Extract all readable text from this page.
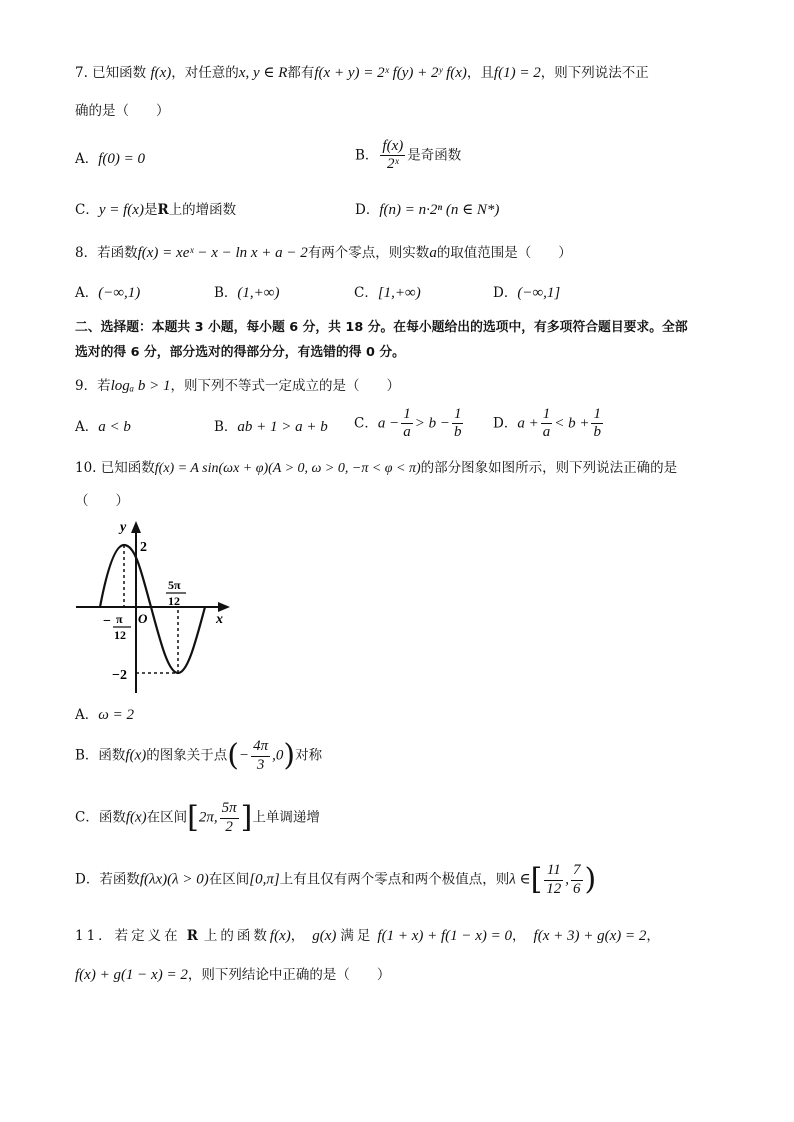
7. 已知函数 f(x)，对任意的x, y ∈ R都有f(x + y) = 2ˣ f(y) + 2ʸ f(x)，且f(1) = 2，则下列说法不正
确的是（　　）
A．f(0) = 0	B． $\frac{f(x)}{\text{2ˣ}}$ 是奇函数
C．y = f(x)是R上的增函数	D．f(n) = n·2ⁿ (n ∈ N*)
8．若函数f(x) = xeˣ − x − ln x + a − 2有两个零点，则实数a的取值范围是（　　）
A．(−∞,1)	B．(1,+∞)	C．[1,+∞)	D．(−∞,1]
二、选择题：本题共 3 小题，每小题 6 分，共 18 分。在每小题给出的选项中，有多项符合题目要求。全部
选对的得 6 分，部分选对的得部分分，有选错的得 0 分。
9．若logₐ b > 1，则下列不等式一定成立的是（　　）
A．a < b	B．ab + 1 > a + b C．$a - \frac{1}{a} > b - \frac{1}{b}$ D．$a + \frac{1}{a} < b + \frac{1}{b}$
10. 已知函数f(x) = A sin(ωx + φ)(A > 0, ω > 0, −π < φ < π)的部分图象如图所示，则下列说法正确的是
（　　）
y
x
O
2
−2
− π
12
5π
12
A．ω = 2
B．函数f(x)的图象关于点(− $\frac{4\pi}{3} ,0$)对称
C．函数f(x)在区间[2π, $\frac{5\pi}{2}$ ]上单调递增
D．若函数f(λx)(λ > 0)在区间[0,π]上有且仅有两个零点和两个极值点，则λ ∈[ $\frac{11}{12}$ , $\frac{7}{6}$ )
11．若定义在 R 上的函数f(x)， g(x) 满足 f(1 + x) + f(1 − x) = 0， f(x + 3) + g(x) = 2，
f(x) + g(1 − x) = 2，则下列结论中正确的是（　　）
